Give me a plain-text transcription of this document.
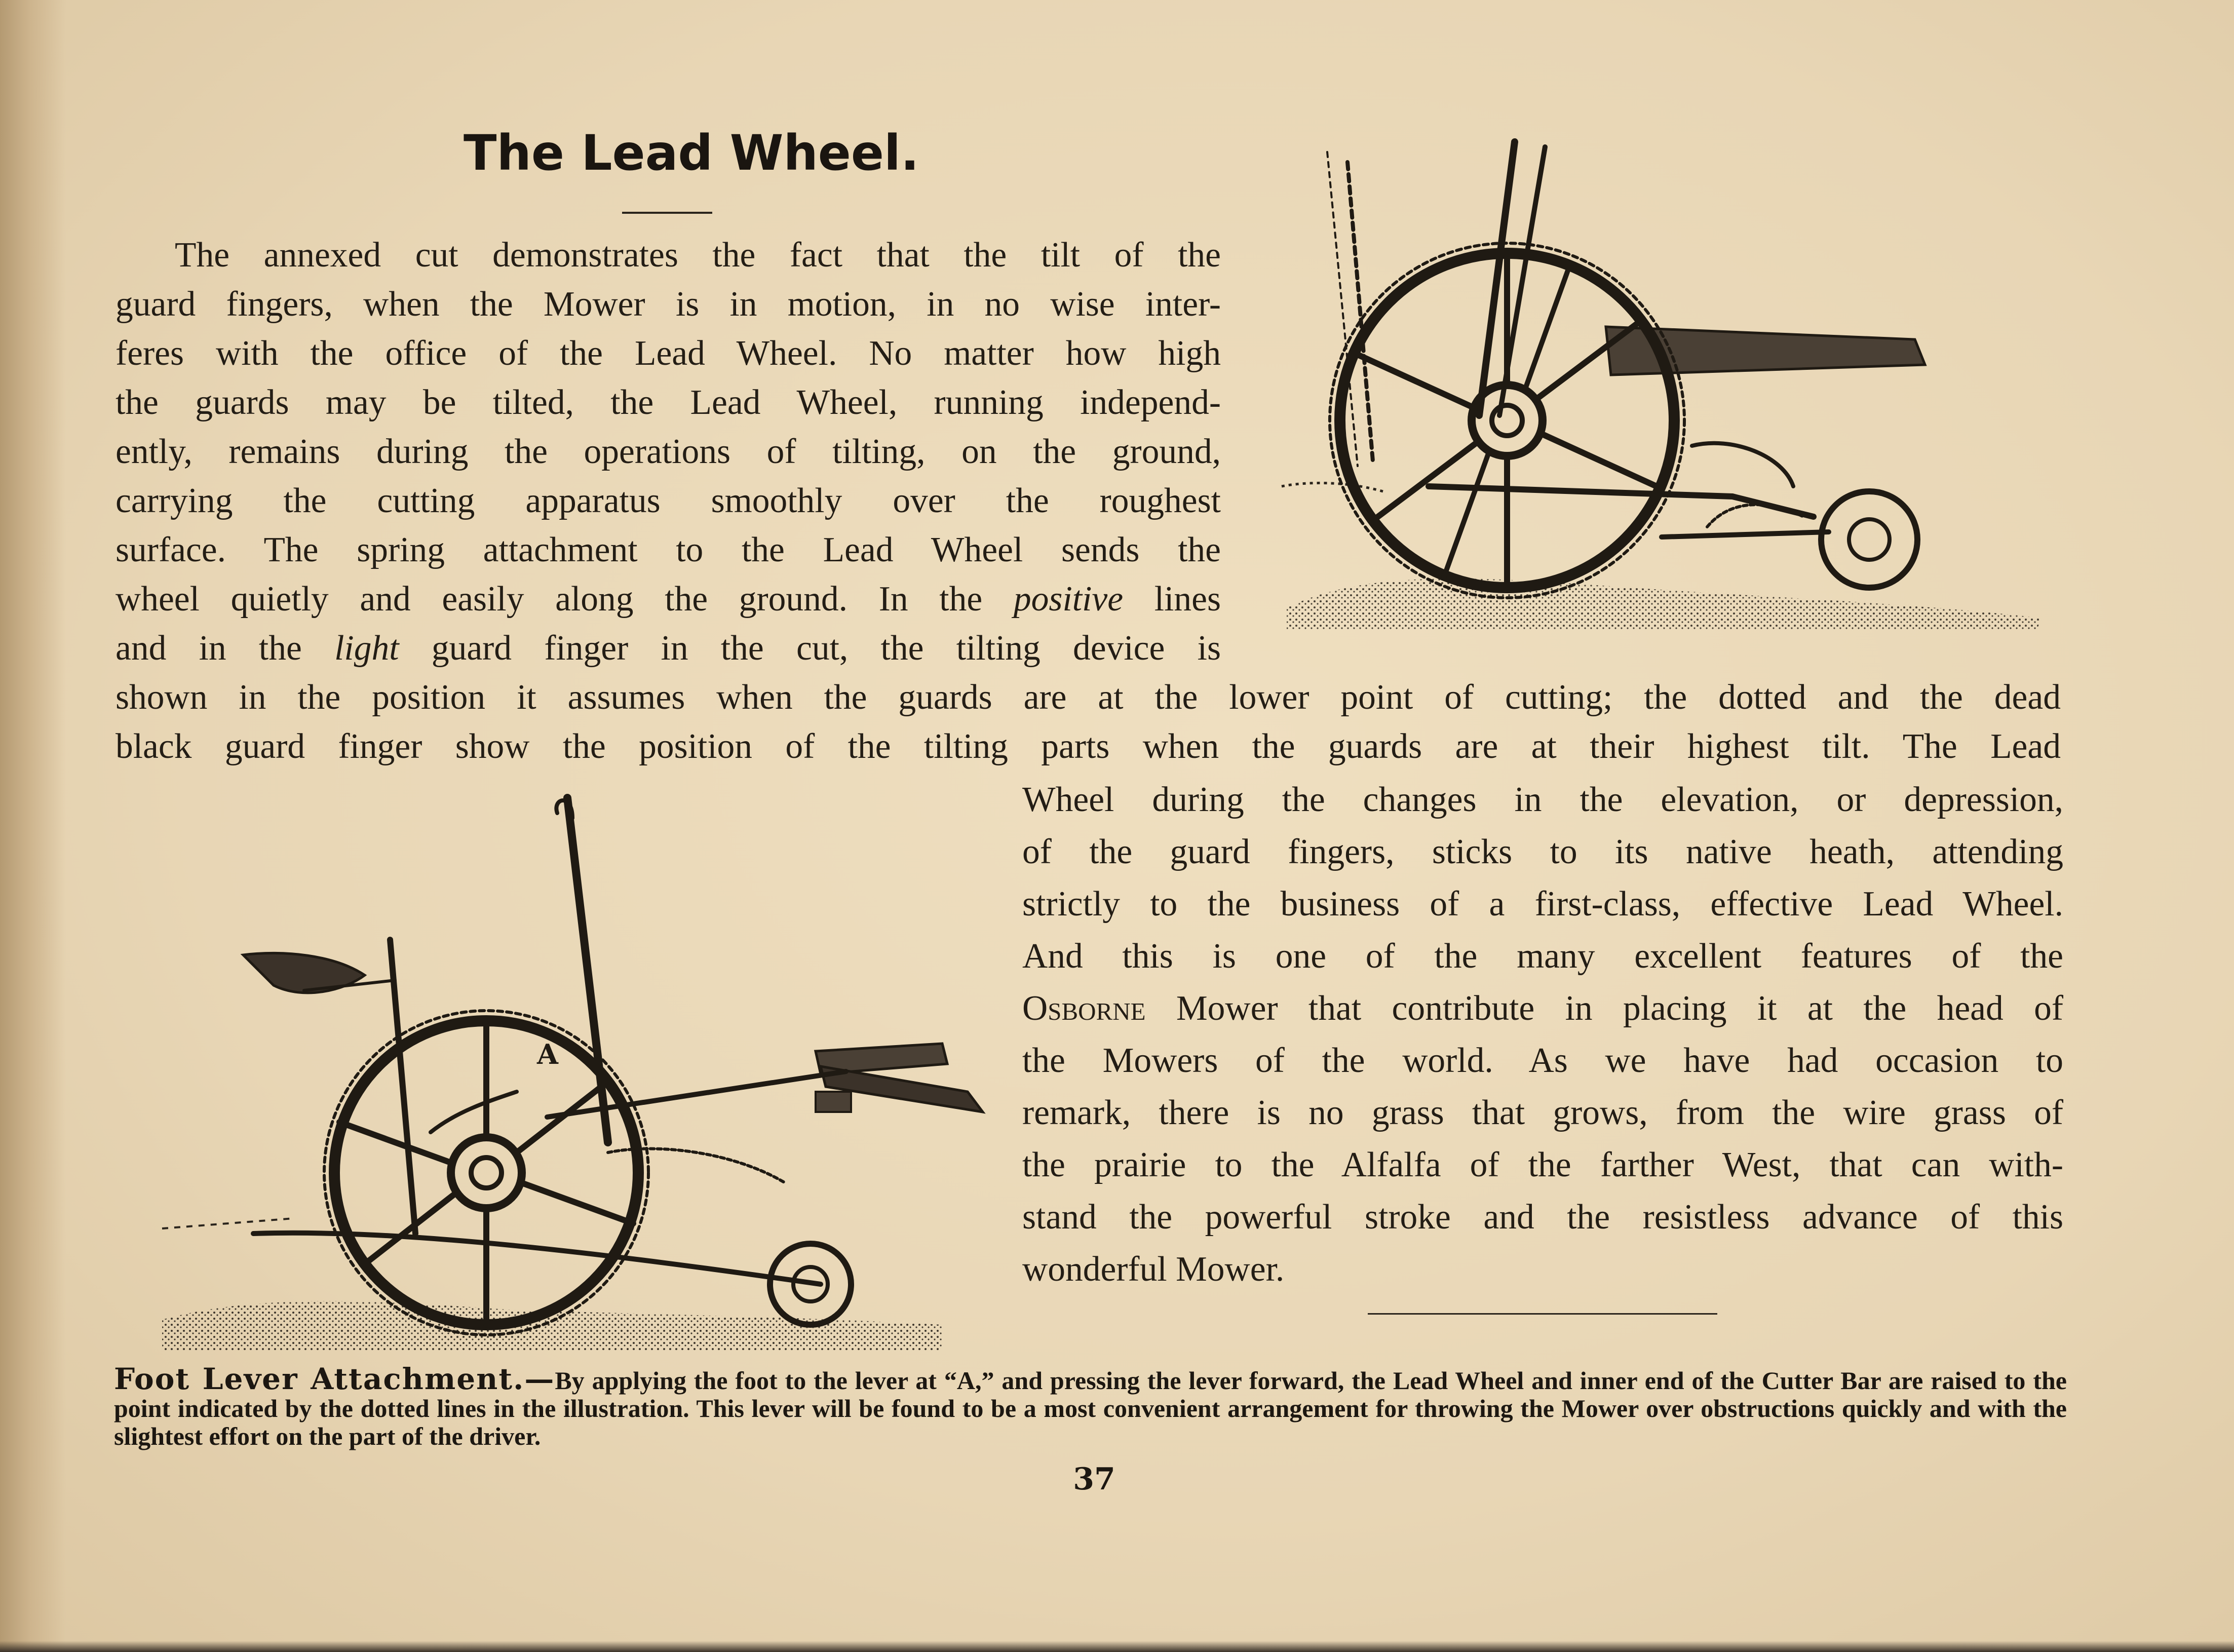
The Lead Wheel.

The annexed cut demonstrates the fact that the tilt of the

guard fingers, when the Mower is in motion, in no wise inter-

feres with the office of the Lead Wheel. No matter how high

the guards may be tilted, the Lead Wheel, running independ-

ently, remains during the operations of tilting, on the ground,

carrying the cutting apparatus smoothly over the roughest

surface. The spring attachment to the Lead Wheel sends the

wheel quietly and easily along the ground. In the positive lines

and in the light guard finger in the cut, the tilting device is

shown in the position it assumes when the guards are at the lower point of cutting; the dotted and the dead

black guard finger show the position of the tilting parts when the guards are at their highest tilt. The Lead

Wheel during the changes in the elevation, or depression,

of the guard fingers, sticks to its native heath, attending

strictly to the business of a first-class, effective Lead Wheel.

And this is one of the many excellent features of the

Osborne Mower that contribute in placing it at the head of

the Mowers of the world. As we have had occasion to

remark, there is no grass that grows, from the wire grass of

the prairie to the Alfalfa of the farther West, that can with-

stand the powerful stroke and the resistless advance of this

wonderful Mower.

A

Foot Lever Attachment.—By applying the foot to the lever at “A,” and pressing the lever forward, the Lead Wheel and inner end of the Cutter Bar are raised to the point indicated by the dotted lines in the illustration. This lever will be found to be a most convenient arrangement for throwing the Mower over obstructions quickly and with the slightest effort on the part of the driver.

37
